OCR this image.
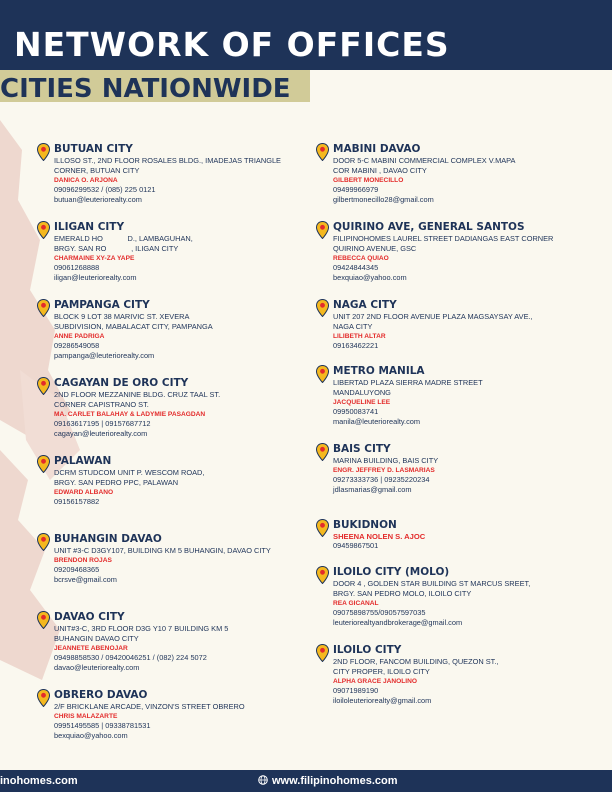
NETWORK OF OFFICES
CITIES NATIONWIDE
BUTUAN CITY
ILLOSO ST., 2ND FLOOR ROSALES BLDG., IMADEJAS TRIANGLE
CORNER, BUTUAN CITY
DANICA O. ARJONA
09096299532 / (085) 225 0121
butuan@leuteriorealty.com
ILIGAN CITY
EMERALD HO            D., LAMBAGUHAN,
BRGY. SAN RO            , ILIGAN CITY
CHARMAINE XY-ZA YAPE
09061268888
iligan@leuteriorealty.com
PAMPANGA CITY
BLOCK 9 LOT 38 MARIVIC ST. XEVERA
SUBDIVISION, MABALACAT CITY, PAMPANGA
ANNE PADRIGA
09286549058
pampanga@leuteriorealty.com
CAGAYAN DE ORO CITY
2ND FLOOR MEZZANINE BLDG. CRUZ TAAL ST.
CORNER CAPISTRANO ST.
MA. CARLET BALAHAY & LADYMIE PASAGDAN
09163617195 | 09157687712
cagayan@leuteriorealty.com
PALAWAN
DCRM STUDCOM UNIT P. WESCOM ROAD,
BRGY. SAN PEDRO PPC, PALAWAN
EDWARD ALBANO
09156157882
BUHANGIN DAVAO
UNIT #3-C D3GY107, BUILDING KM 5 BUHANGIN, DAVAO CITY
BRENDON ROJAS
09209468365
bcrsve@gmail.com
DAVAO CITY
UNIT#3-C, 3RD FLOOR D3G Y10 7 BUILDING KM 5
BUHANGIN DAVAO CITY
JEANNETE ABENOJAR
09498858530 / 09420046251 / (082) 224 5072
davao@leuteriorealty.com
OBRERO DAVAO
2/F BRICKLANE ARCADE, VINZON'S STREET OBRERO
CHRIS MALAZARTE
09951495585 | 09338781531
bexquiao@yahoo.com
MABINI DAVAO
DOOR 5-C MABINI COMMERCIAL COMPLEX V.MAPA
COR MABINI , DAVAO CITY
GILBERT MONECILLO
09499966979
gilbertmonecillo28@gmail.com
QUIRINO AVE, GENERAL SANTOS
FILIPINOHOMES LAUREL STREET DADIANGAS EAST CORNER
QUIRINO AVENUE, GSC
REBECCA QUIAO
09424844345
bexquiao@yahoo.com
NAGA CITY
UNIT 207 2ND FLOOR AVENUE PLAZA MAGSAYSAY AVE.,
NAGA CITY
LILIBETH ALTAR
09163462221
METRO MANILA
LIBERTAD PLAZA SIERRA MADRE STREET
MANDALUYONG
JACQUELINE LEE
09950083741
manila@leuteriorealty.com
BAIS CITY
MARINA BUILDING, BAIS CITY
ENGR. JEFFREY D. LASMARIAS
09273333736 | 09235220234
jdlasmarias@gmail.com
BUKIDNON
SHEENA NOLEN S. AJOC
09459867501
ILOILO CITY (MOLO)
DOOR 4 , GOLDEN STAR BUILDING ST MARCUS SREET,
BRGY. SAN PEDRO MOLO, ILOILO CITY
REA GICANAL
09075898755/09057597035
leuteriorealtyandbrokerage@gmail.com
ILOILO CITY
2ND FLOOR, FANCOM BUILDING, QUEZON ST.,
CITY PROPER, ILOILO CITY
ALPHA GRACE JANOLINO
09071989190
iloiloleuteriorealty@gmail.com
inohomes.com	www.filipinohomes.com
